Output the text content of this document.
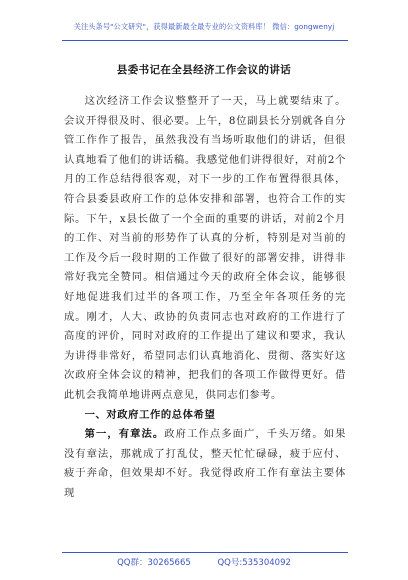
关注头条号"公文研究"，获得最新最全最专业的公文资料库！ 微信：gongwenyj
县委书记在全县经济工作会议的讲话

这次经济工作会议整整开了一天，马上就要结束了。会议开得很及时、很必要。上午，8位副县长分别就各自分管工作作了报告，虽然我没有当场听取他们的讲话，但很认真地看了他们的讲话稿。我感觉他们讲得很好，对前2个月的工作总结得很客观，对下一步的工作布置得很具体，符合县委县政府工作的总体安排和部署，也符合工作的实际。下午，x县长做了一个全面的重要的讲话，对前2个月的工作、对当前的形势作了认真的分析，特别是对当前的工作及今后一段时期的工作做了很好的部署安排，讲得非常好我完全赞同。相信通过今天的政府全体会议，能够很好地促进我们过半的各项工作，乃至全年各项任务的完成。刚才，人大、政协的负责同志也对政府的工作进行了高度的评价，同时对政府的工作提出了建议和要求，我认为讲得非常好，希望同志们认真地消化、贯彻、落实好这次政府全体会议的精神，把我们的各项工作做得更好。借此机会我简单地讲两点意见，供同志们参考。

一、对政府工作的总体希望

第一，有章法。政府工作点多面广，千头万绪。如果没有章法，那就成了打乱仗，整天忙忙碌碌，疲于应付、疲于奔命，但效果却不好。我觉得政府工作有章法主要体现

QQ群：30265665	QQ号:535304092
